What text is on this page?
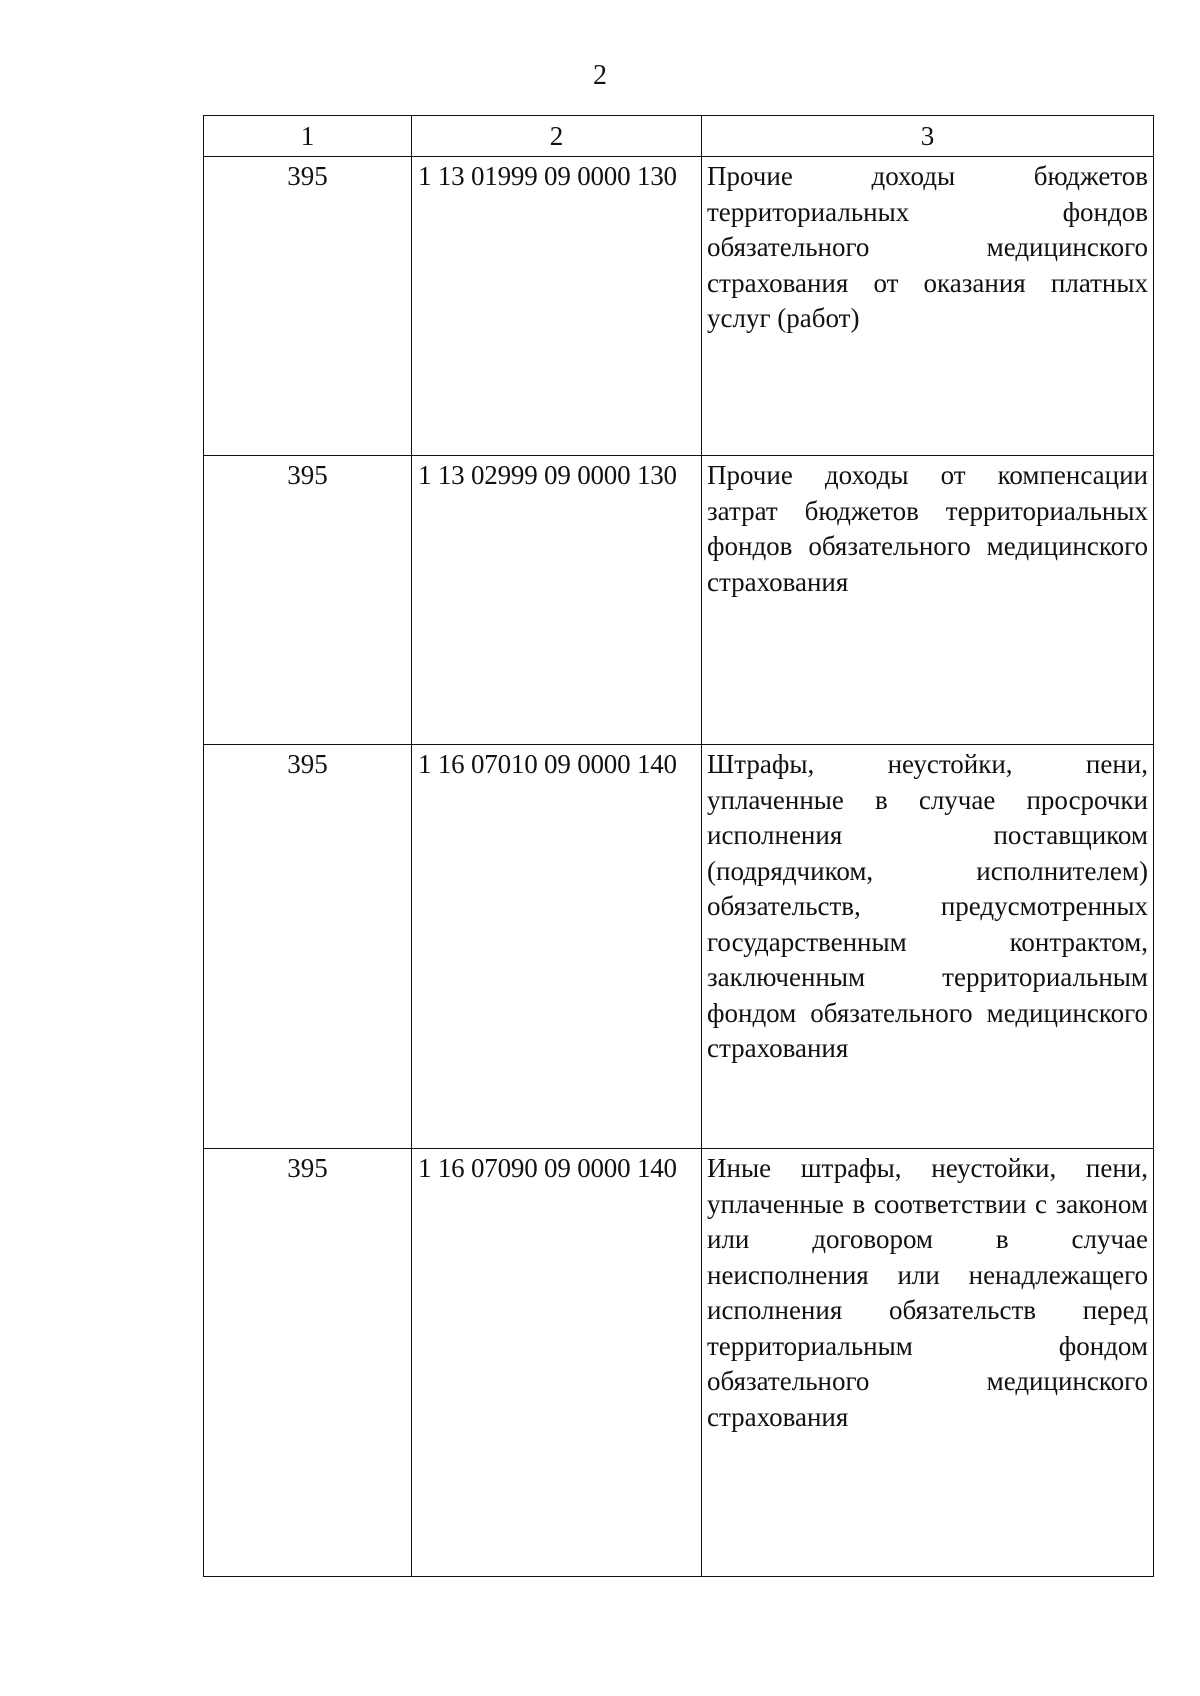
2
1	2	3
395	1 13 01999 09 0000 130	Прочие доходы бюджетов территориальных фондов обязательного медицинского страхования от оказания платных услуг (работ)
395	1 13 02999 09 0000 130	Прочие доходы от компенсации затрат бюджетов территориальных фондов обязательного медицинского страхования
395	1 16 07010 09 0000 140	Штрафы, неустойки, пени, уплаченные в случае просрочки исполнения поставщиком (подрядчиком, исполнителем) обязательств, предусмотренных государственным контрактом, заключенным территориальным фондом обязательного медицинского страхования
395	1 16 07090 09 0000 140	Иные штрафы, неустойки, пени, уплаченные в соответствии с законом или договором в случае неисполнения или ненадлежащего исполнения обязательств перед территориальным фондом обязательного медицинского страхования
